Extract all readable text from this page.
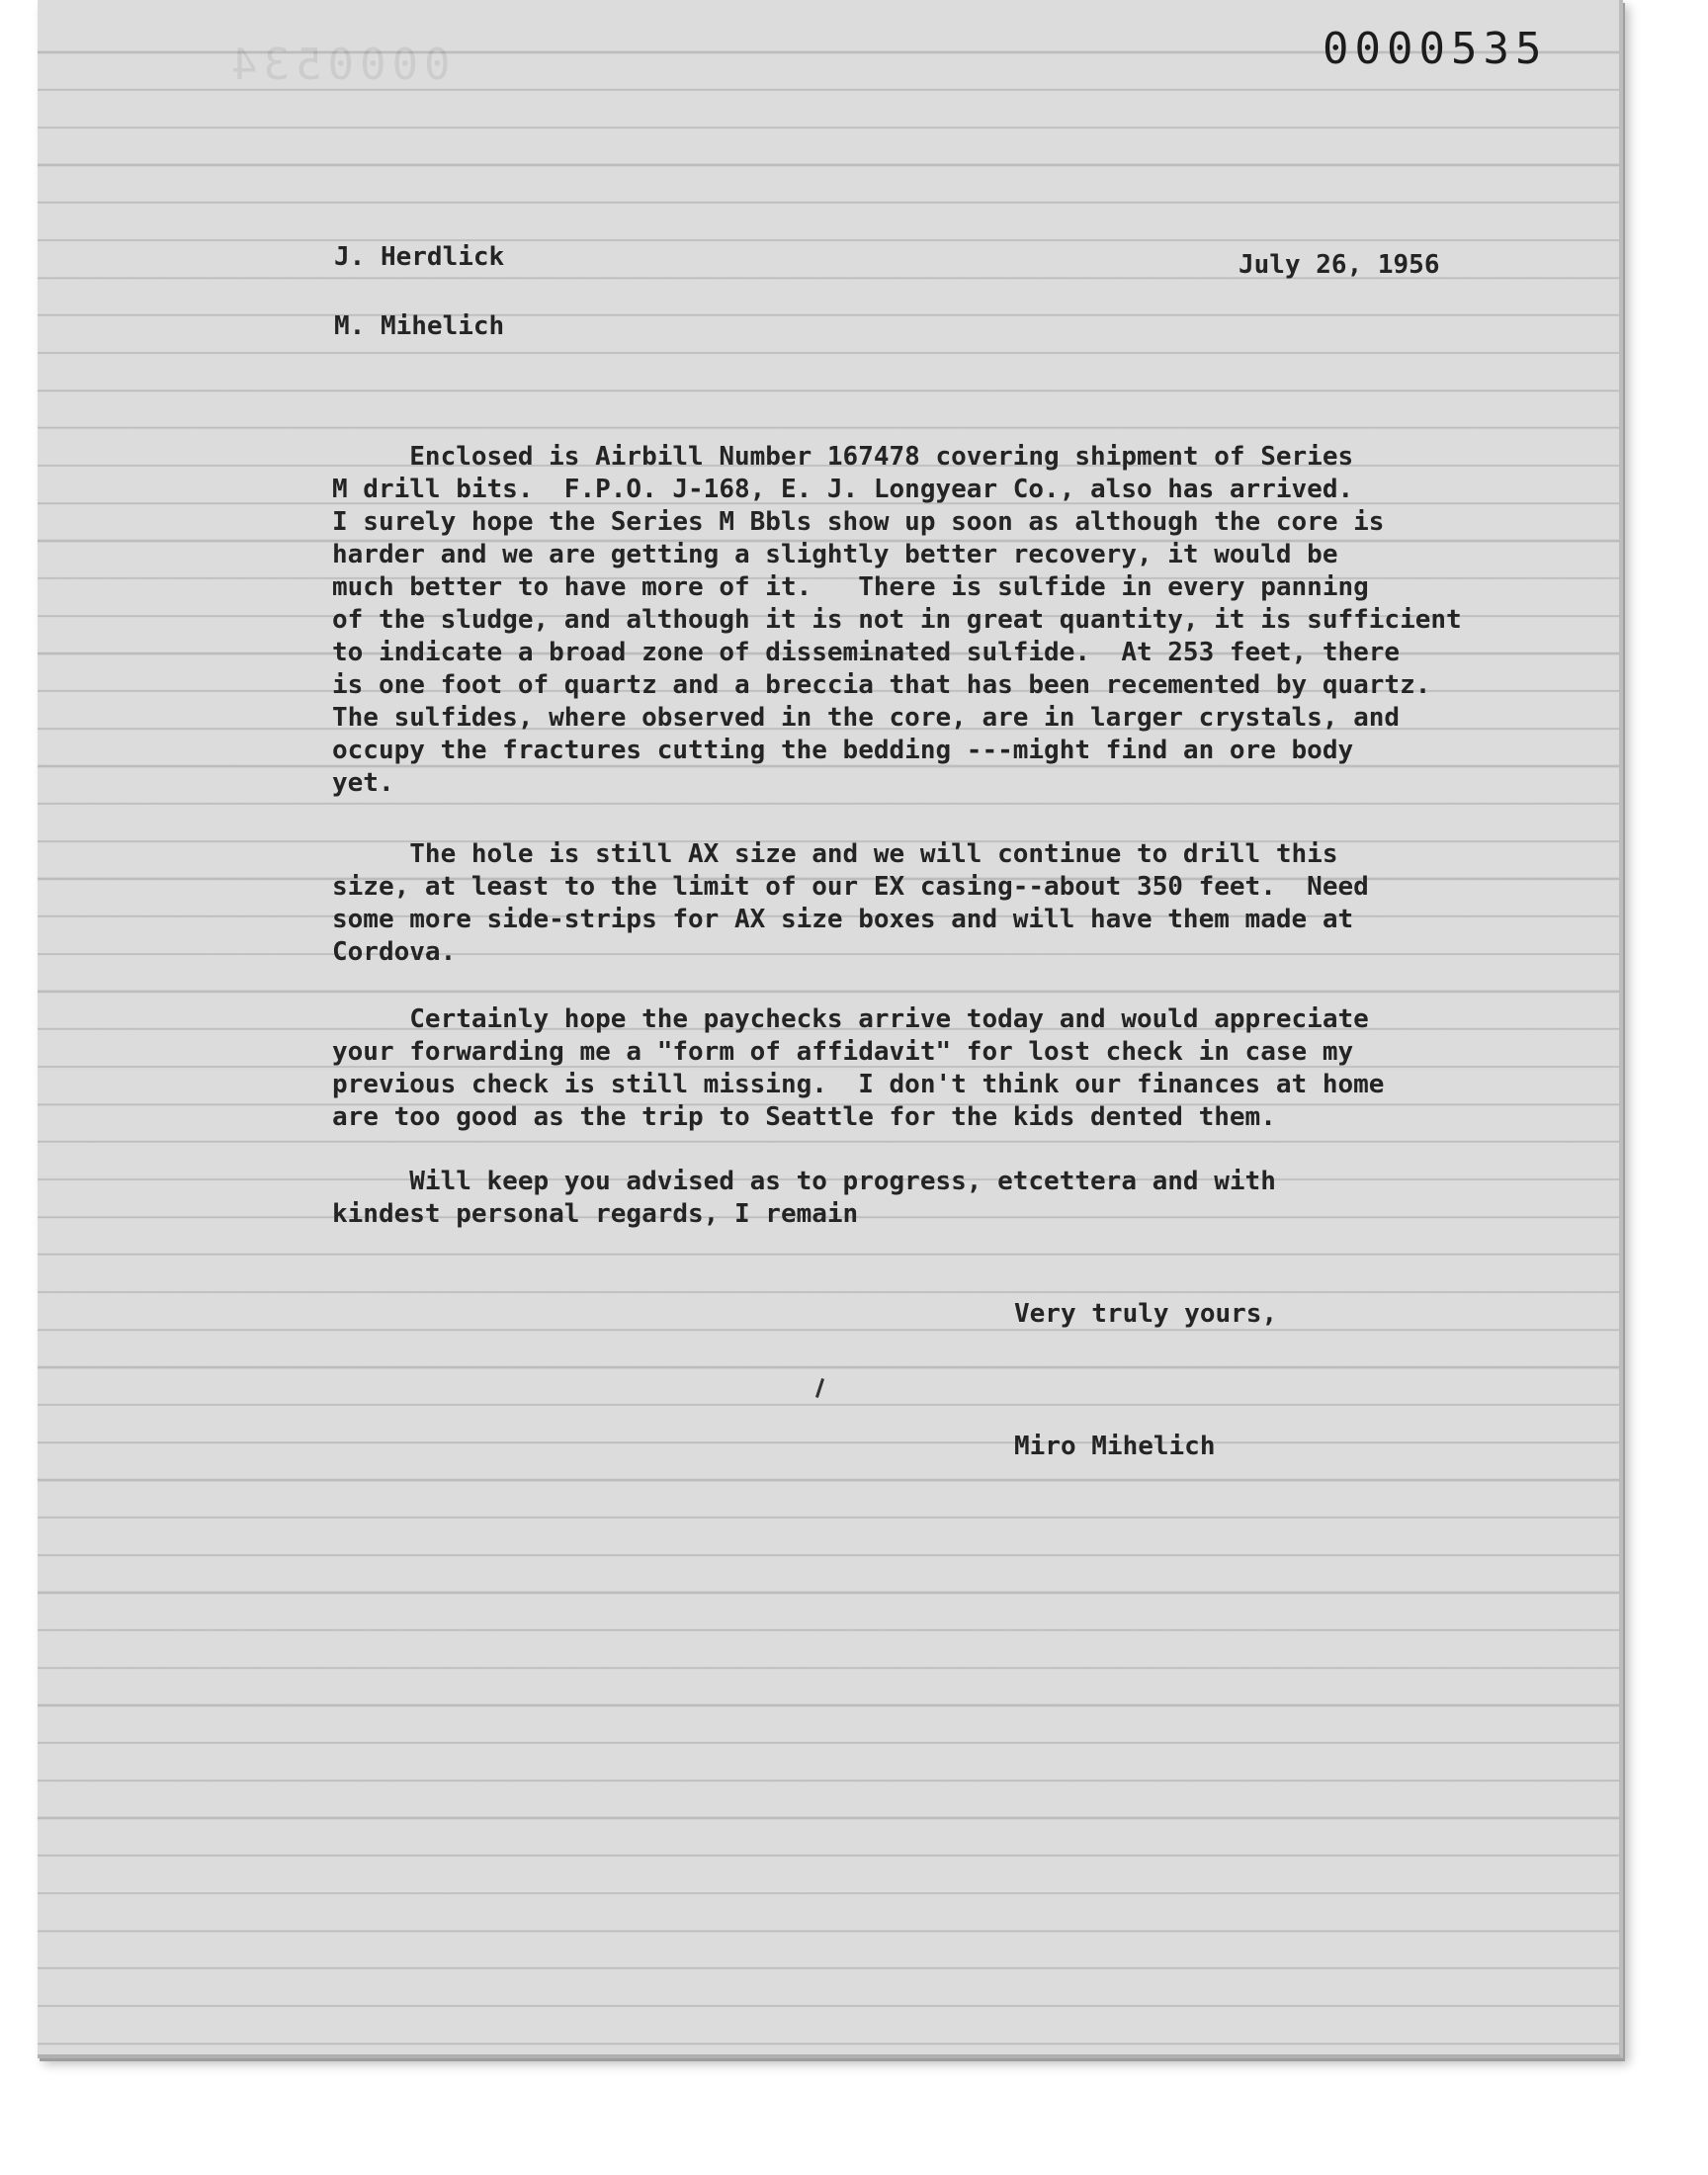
0000534	0000535
J. Herdlick
M. Mihelich
July 26, 1956
Enclosed is Airbill Number 167478 covering shipment of Series
M drill bits.  F.P.O. J-168, E. J. Longyear Co., also has arrived.
I surely hope the Series M Bbls show up soon as although the core is
harder and we are getting a slightly better recovery, it would be
much better to have more of it.   There is sulfide in every panning
of the sludge, and although it is not in great quantity, it is sufficient
to indicate a broad zone of disseminated sulfide.  At 253 feet, there
is one foot of quartz and a breccia that has been recemented by quartz.
The sulfides, where observed in the core, are in larger crystals, and
occupy the fractures cutting the bedding ---might find an ore body
yet.
The hole is still AX size and we will continue to drill this
size, at least to the limit of our EX casing--about 350 feet.  Need
some more side-strips for AX size boxes and will have them made at
Cordova.
Certainly hope the paychecks arrive today and would appreciate
your forwarding me a "form of affidavit" for lost check in case my
previous check is still missing.  I don't think our finances at home
are too good as the trip to Seattle for the kids dented them.
Will keep you advised as to progress, etcettera and with
kindest personal regards, I remain
Very truly yours,
Miro Mihelich
